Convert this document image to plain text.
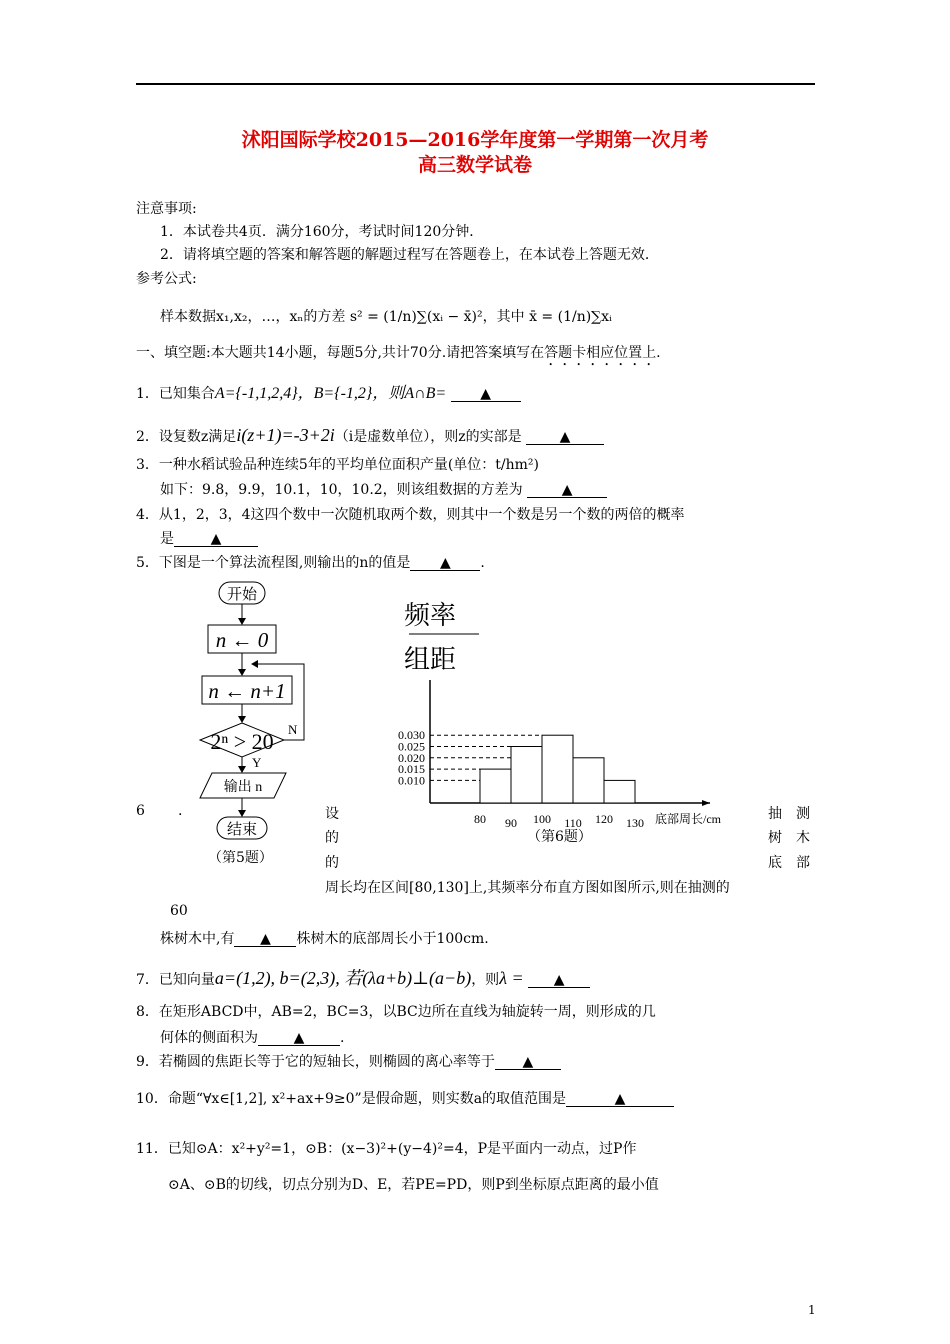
沭阳国际学校2015—2016学年度第一学期第一次月考
高三数学试卷
注意事项:
1．本试卷共4页．满分160分，考试时间120分钟．
2．请将填空题的答案和解答题的解题过程写在答题卷上，在本试卷上答题无效．
参考公式:
样本数据x₁,x₂，…，xₙ的方差 s² = (1/n)∑(xᵢ − x̄)²，其中 x̄ = (1/n)∑xᵢ
一、填空题:本大题共14小题，每题5分,共计70分.请把答案填写在答题卡相应位置上.
1．已知集合A={-1,1,2,4}，B={-1,2}，则A∩B= ▲
2．设复数z满足i(z+1)=-3+2i（i是虚数单位），则z的实部是	▲
3．一种水稻试验品种连续5年的平均单位面积产量(单位：t/hm²)
如下：9.8，9.9，10.1，10，10.2，则该组数据的方差为	▲
4．从1，2，3，4这四个数中一次随机取两个数，则其中一个数是另一个数的两倍的概率
是	▲
5．下图是一个算法流程图,则输出的n的值是 ▲ .
开始
n ← 0
n ← n+1
2ⁿ > 20 N
Y
输出 n
结束
（第5题）
频率
组距
0.010
0.015
0.020
0.025
0.030
80 90 100 110 120 130 底部周长/cm
（第6题）
6 .	设
的
的
抽　测
树　木
底　部
周长均在区间[80,130]上,其频率分布直方图如图所示,则在抽测的
60
株树木中,有 ▲ 株树木的底部周长小于100cm.
7．已知向量a=(1,2), b=(2,3), 若(λa+b)⊥(a−b)，则λ = ▲
8．在矩形ABCD中，AB=2，BC=3，以BC边所在直线为轴旋转一周，则形成的几
何体的侧面积为	▲	.
9．若椭圆的焦距长等于它的短轴长，则椭圆的离心率等于 ▲
10．命题“∀x∈[1,2], x²+ax+9≥0”是假命题，则实数a的取值范围是	▲
11．已知⊙A：x²+y²=1，⊙B：(x−3)²+(y−4)²=4，P是平面内一动点，过P作
⊙A、⊙B的切线，切点分别为D、E，若PE=PD，则P到坐标原点距离的最小值
1
